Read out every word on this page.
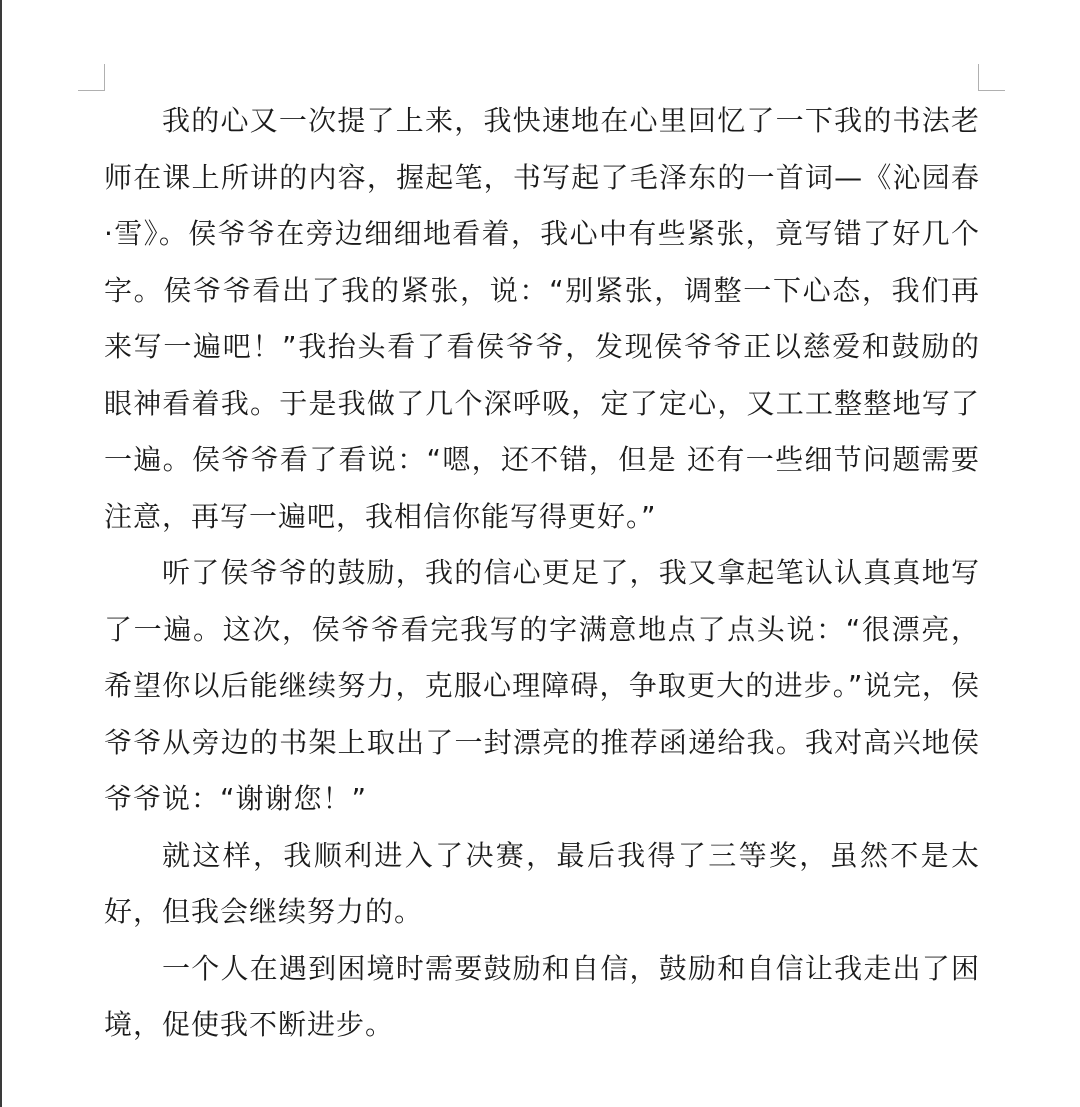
我的心又一次提了上来，我快速地在心里回忆了一下我的书法老师在课上所讲的内容，握起笔，书写起了毛泽东的一首词—《沁园春·雪》。侯爷爷在旁边细细地看着，我心中有些紧张，竟写错了好几个字。侯爷爷看出了我的紧张，说：“别紧张，调整一下心态，我们再来写一遍吧！”我抬头看了看侯爷爷，发现侯爷爷正以慈爱和鼓励的眼神看着我。于是我做了几个深呼吸，定了定心，又工工整整地写了一遍。侯爷爷看了看说：“嗯，还不错，但是 还有一些细节问题需要注意，再写一遍吧，我相信你能写得更好。”

听了侯爷爷的鼓励，我的信心更足了，我又拿起笔认认真真地写了一遍。这次，侯爷爷看完我写的字满意地点了点头说：“很漂亮，希望你以后能继续努力，克服心理障碍，争取更大的进步。”说完，侯爷爷从旁边的书架上取出了一封漂亮的推荐函递给我。我对高兴地侯爷爷说：“谢谢您！”

就这样，我顺利进入了决赛，最后我得了三等奖，虽然不是太好，但我会继续努力的。

一个人在遇到困境时需要鼓励和自信，鼓励和自信让我走出了困境，促使我不断进步。
